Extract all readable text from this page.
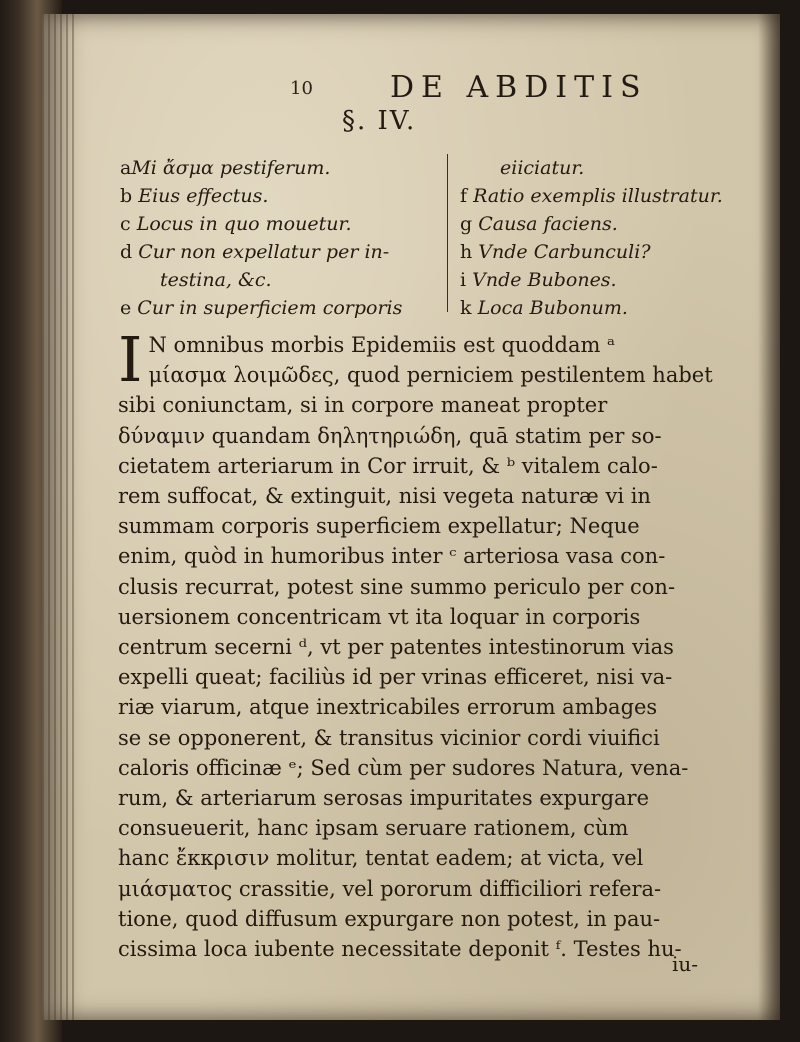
10	DE ABDITIS
§. IV.
aMi ἄσμα pestiferum.
b Eius effectus.
c Locus in quo mouetur.
d Cur non expellatur per in-
testina, &c.
e Cur in superficiem corporis
eiiciatur.
f Ratio exemplis illustratur.
g Causa faciens.
h Vnde Carbunculi?
i Vnde Bubones.
k Loca Bubonum.
I N omnibus morbis Epidemiis est quoddam ᵃ
μίασμα λοιμῶδες, quod perniciem pestilentem habet
sibi coniunctam, si in corpore maneat propter
δύναμιν quandam δηλητηριώδη, quā statim per so-
cietatem arteriarum in Cor irruit, & ᵇ vitalem calo-
rem suffocat, & extinguit, nisi vegeta naturæ vi in
summam corporis superficiem expellatur; Neque
enim, quòd in humoribus inter ᶜ arteriosa vasa con-
clusis recurrat, potest sine summo periculo per con-
uersionem concentricam vt ita loquar in corporis
centrum secerni ᵈ, vt per patentes intestinorum vias
expelli queat; faciliùs id per vrinas efficeret, nisi va-
riæ viarum, atque inextricabiles errorum ambages
se se opponerent, & transitus vicinior cordi viuifici
caloris officinæ ᵉ; Sed cùm per sudores Natura, vena-
rum, & arteriarum serosas impuritates expurgare
consueuerit, hanc ipsam seruare rationem, cùm
hanc ἔκκρισιν molitur, tentat eadem; at victa, vel
μιάσματος crassitie, vel pororum difficiliori refera-
tione, quod diffusum expurgare non potest, in pau-
cissima loca iubente necessitate deponit ᶠ. Testes hu-
iu-
